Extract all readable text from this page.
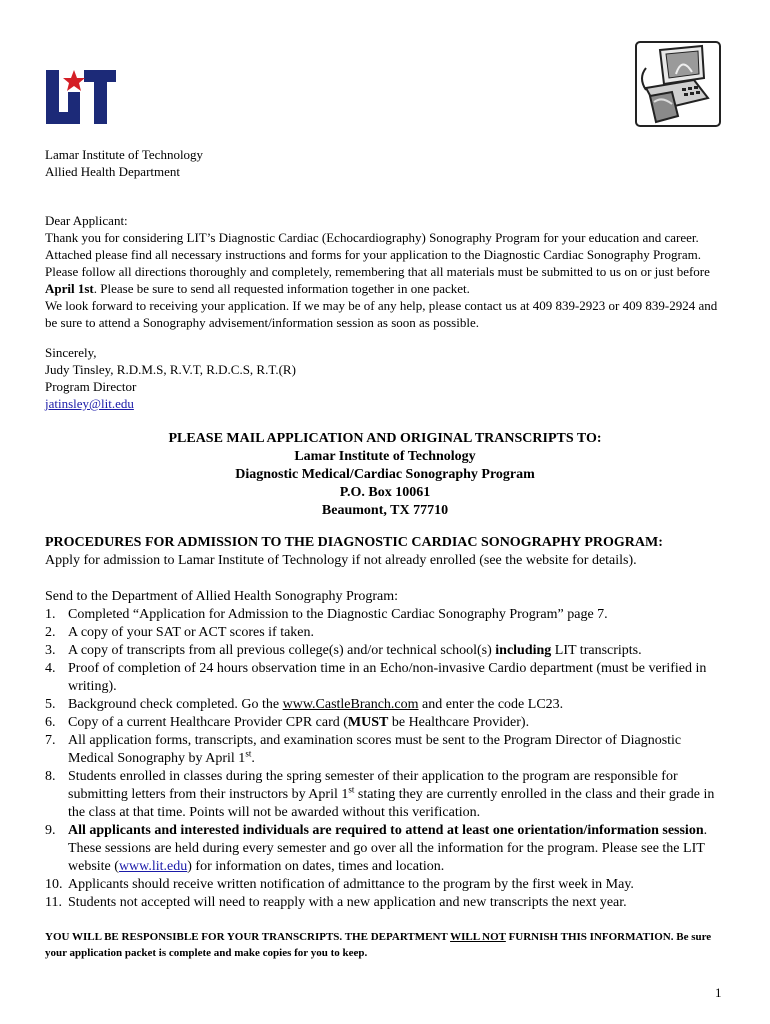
Lamar Institute of Technology
Allied Health Department
Dear Applicant:
Thank you for considering LIT’s Diagnostic Cardiac (Echocardiography) Sonography Program for your education and career. Attached please find all necessary instructions and forms for your application to the Diagnostic Cardiac Sonography Program. Please follow all directions thoroughly and completely, remembering that all materials must be submitted to us on or just before April 1st. Please be sure to send all requested information together in one packet.
We look forward to receiving your application. If we may be of any help, please contact us at 409 839-2923 or 409 839-2924 and be sure to attend a Sonography advisement/information session as soon as possible.
Sincerely,
Judy Tinsley, R.D.M.S, R.V.T, R.D.C.S, R.T.(R)
Program Director
jatinsley@lit.edu
PLEASE MAIL APPLICATION AND ORIGINAL TRANSCRIPTS TO:
Lamar Institute of Technology
Diagnostic Medical/Cardiac Sonography Program
P.O. Box 10061
Beaumont, TX 77710
PROCEDURES FOR ADMISSION TO THE DIAGNOSTIC CARDIAC SONOGRAPHY PROGRAM:
Apply for admission to Lamar Institute of Technology if not already enrolled (see the website for details).
Send to the Department of Allied Health Sonography Program:
1. Completed “Application for Admission to the Diagnostic Cardiac Sonography Program” page 7.
2. A copy of your SAT or ACT scores if taken.
3. A copy of transcripts from all previous college(s) and/or technical school(s) including LIT transcripts.
4. Proof of completion of 24 hours observation time in an Echo/non-invasive Cardio department (must be verified in writing).
5. Background check completed. Go the www.CastleBranch.com and enter the code LC23.
6. Copy of a current Healthcare Provider CPR card (MUST be Healthcare Provider).
7. All application forms, transcripts, and examination scores must be sent to the Program Director of Diagnostic Medical Sonography by April 1st.
8. Students enrolled in classes during the spring semester of their application to the program are responsible for submitting letters from their instructors by April 1st stating they are currently enrolled in the class and their grade in the class at that time. Points will not be awarded without this verification.
9. All applicants and interested individuals are required to attend at least one orientation/information session. These sessions are held during every semester and go over all the information for the program. Please see the LIT website (www.lit.edu) for information on dates, times and location.
10. Applicants should receive written notification of admittance to the program by the first week in May.
11. Students not accepted will need to reapply with a new application and new transcripts the next year.
YOU WILL BE RESPONSIBLE FOR YOUR TRANSCRIPTS. THE DEPARTMENT WILL NOT FURNISH THIS INFORMATION. Be sure your application packet is complete and make copies for you to keep.
1
